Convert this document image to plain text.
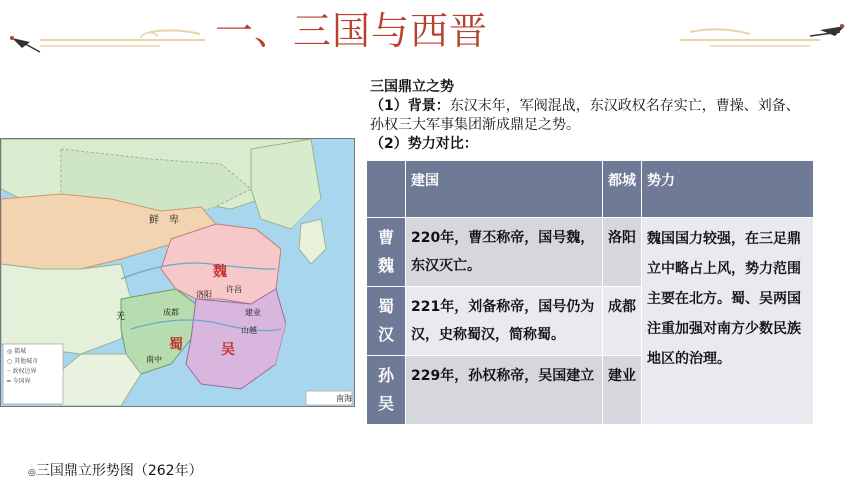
一、三国与西晋
三国鼎立之势
（1）背景：东汉末年，军阀混战，东汉政权名存实亡，曹操、刘备、孙权三大军事集团渐成鼎足之势。
（2）势力对比：
	建国	都城	势力
曹魏	220年，曹丕称帝，国号魏，东汉灭亡。	洛阳	魏国国力较强，在三足鼎立中略占上风，势力范围主要在北方。蜀、吴两国注重加强对南方少数民族地区的治理。
蜀汉	221年，刘备称帝，国号仍为汉，史称蜀汉，简称蜀。	成都	
孙吴	229年，孙权称帝，吴国建立	建业	
鲜　卑
魏
蜀	吴
洛阳
许昌
成都	建业
山越
羌
南中
南海
◎ 都城
○ 其他城市
┈ 政权边界
━ 今国界
◎三国鼎立形势图（262年）
